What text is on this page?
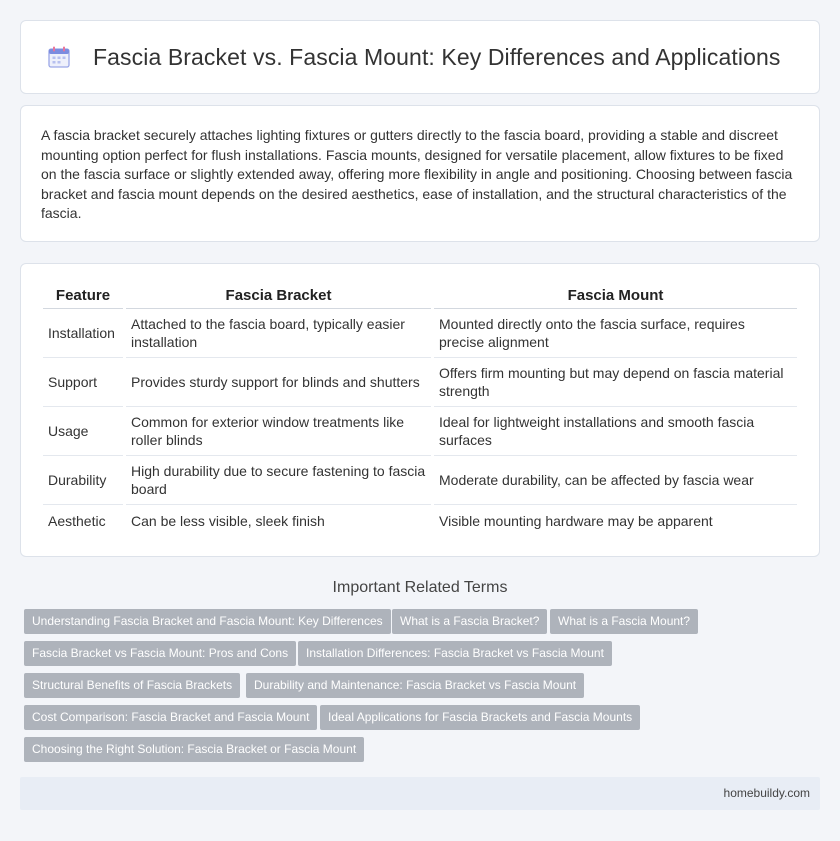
Fascia Bracket vs. Fascia Mount: Key Differences and Applications

A fascia bracket securely attaches lighting fixtures or gutters directly to the fascia board, providing a stable and discreet mounting option perfect for flush installations. Fascia mounts, designed for versatile placement, allow fixtures to be fixed on the fascia surface or slightly extended away, offering more flexibility in angle and positioning. Choosing between fascia bracket and fascia mount depends on the desired aesthetics, ease of installation, and the structural characteristics of the fascia.

Feature	Fascia Bracket	Fascia Mount
Installation	Attached to the fascia board, typically easier installation	Mounted directly onto the fascia surface, requires precise alignment
Support	Provides sturdy support for blinds and shutters	Offers firm mounting but may depend on fascia material strength
Usage	Common for exterior window treatments like roller blinds	Ideal for lightweight installations and smooth fascia surfaces
Durability	High durability due to secure fastening to fascia board	Moderate durability, can be affected by fascia wear
Aesthetic	Can be less visible, sleek finish	Visible mounting hardware may be apparent
Important Related Terms
Understanding Fascia Bracket and Fascia Mount: Key Differences	What is a Fascia Bracket?	What is a Fascia Mount?
Fascia Bracket vs Fascia Mount: Pros and Cons	Installation Differences: Fascia Bracket vs Fascia Mount
Structural Benefits of Fascia Brackets	Durability and Maintenance: Fascia Bracket vs Fascia Mount
Cost Comparison: Fascia Bracket and Fascia Mount	Ideal Applications for Fascia Brackets and Fascia Mounts
Choosing the Right Solution: Fascia Bracket or Fascia Mount
homebuildy.com
